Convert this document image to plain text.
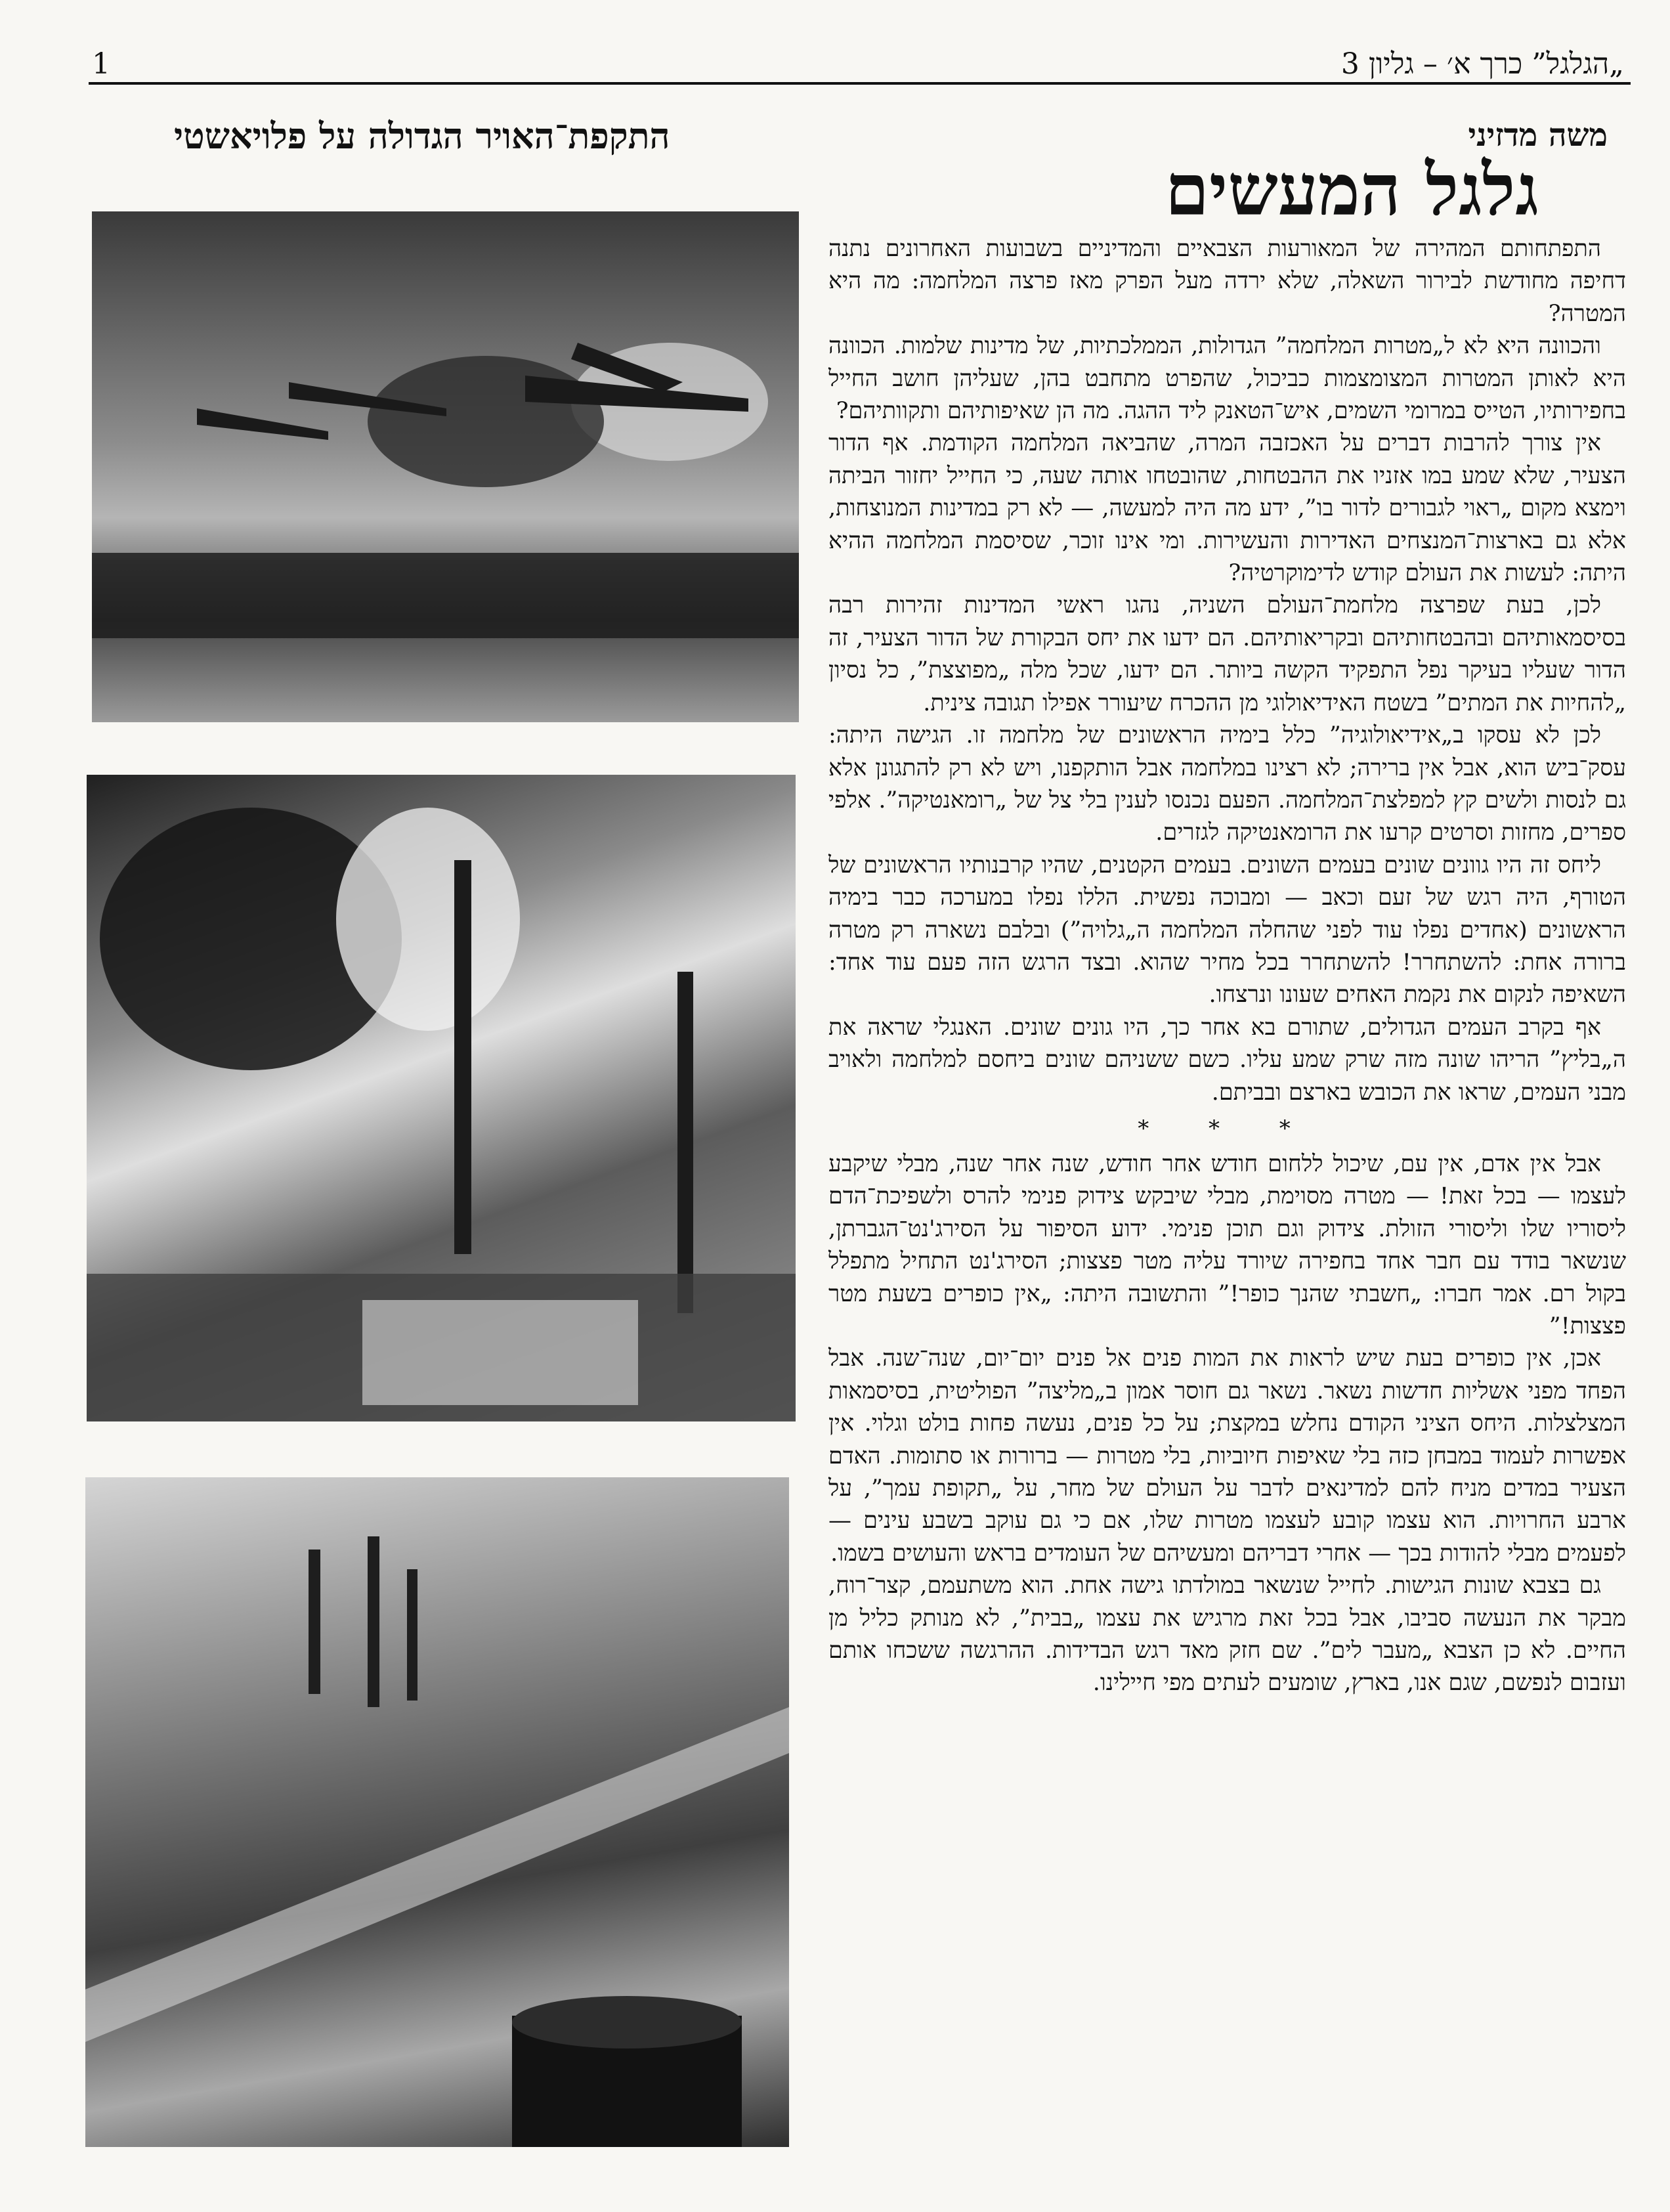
„הגלגל” כרך א׳ – גליון 3
1
משה מדזיני
גלגל המעשים
התקפת־האויר הגדולה על פלויאשטי

התפתחותם המהירה של המאורעות הצבאיים והמדיניים בשבועות האחרונים נתנה דחיפה מחודשת לבירור השאלה, שלא ירדה מעל הפרק מאז פרצה המלחמה: מה היא המטרה?

והכוונה היא לא ל„מטרות המלחמה” הגדולות, הממלכתיות, של מדינות שלמות. הכוונה היא לאותן המטרות המצומצמות כביכול, שהפרט מתחבט בהן, שעליהן חושב החייל בחפירותיו, הטייס במרומי השמים, איש־הטאנק ליד ההגה. מה הן שאיפותיהם ותקוותיהם?

אין צורך להרבות דברים על האכזבה המרה, שהביאה המלחמה הקודמת. אף הדור הצעיר, שלא שמע במו אזניו את ההבטחות, שהובטחו אותה שעה, כי החייל יחזור הביתה וימצא מקום „ראוי לגבורים לדור בו”, ידע מה היה למעשה, — לא רק במדינות המנוצחות, אלא גם בארצות־המנצחים האדירות והעשירות. ומי אינו זוכר, שסיסמת המלחמה ההיא היתה: לעשות את העולם קודש לדימוקרטיה?

לכן, בעת שפרצה מלחמת־העולם השניה, נהגו ראשי המדינות זהירות רבה בסיסמאותיהם ובהבטחותיהם ובקריאותיהם. הם ידעו את יחס הבקורת של הדור הצעיר, זה הדור שעליו בעיקר נפל התפקיד הקשה ביותר. הם ידעו, שכל מלה „מפוצצת”, כל נסיון „להחיות את המתים” בשטח האידיאולוגי מן ההכרח שיעורר אפילו תגובה צינית.

לכן לא עסקו ב„אידיאולוגיה” כלל בימיה הראשונים של מלחמה זו. הגישה היתה: עסק־ביש הוא, אבל אין ברירה; לא רצינו במלחמה אבל הותקפנו, ויש לא רק להתגונן אלא גם לנסות ולשים קץ למפלצת־המלחמה. הפעם נכנסו לענין בלי צל של „רומאנטיקה”. אלפי ספרים, מחזות וסרטים קרעו את הרומאנטיקה לגזרים.

ליחס זה היו גוונים שונים בעמים השונים. בעמים הקטנים, שהיו קרבנותיו הראשונים של הטורף, היה רגש של זעם וכאב — ומבוכה נפשית. הללו נפלו במערכה כבר בימיה הראשונים (אחדים נפלו עוד לפני שהחלה המלחמה ה„גלויה”) ובלבם נשארה רק מטרה ברורה אחת: להשתחרר! להשתחרר בכל מחיר שהוא. ובצד הרגש הזה פעם עוד אחד: השאיפה לנקום את נקמת האחים שעונו ונרצחו.

אף בקרב העמים הגדולים, שתורם בא אחר כך, היו גונים שונים. האנגלי שראה את ה„בליץ” הריהו שונה מזה שרק שמע עליו. כשם ששניהם שונים ביחסם למלחמה ולאויב מבני העמים, שראו את הכובש בארצם ובביתם.

* * *

אבל אין אדם, אין עם, שיכול ללחום חודש אחר חודש, שנה אחר שנה, מבלי שיקבע לעצמו — בכל זאת! — מטרה מסוימת, מבלי שיבקש צידוק פנימי להרס ולשפיכת־הדם ליסוריו שלו וליסורי הזולת. צידוק וגם תוכן פנימי. ידוע הסיפור על הסירג'נט־הגברתן, שנשאר בודד עם חבר אחד בחפירה שיורד עליה מטר פצצות; הסירג'נט התחיל מתפלל בקול רם. אמר חברו: „חשבתי שהנך כופר!” והתשובה היתה: „אין כופרים בשעת מטר פצצות!”

אכן, אין כופרים בעת שיש לראות את המות פנים אל פנים יום־יום, שנה־שנה. אבל הפחד מפני אשליות חדשות נשאר. נשאר גם חוסר אמון ב„מליצה” הפוליטית, בסיסמאות המצלצלות. היחס הציני הקודם נחלש במקצת; על כל פנים, נעשה פחות בולט וגלוי. אין אפשרות לעמוד במבחן כזה בלי שאיפות חיוביות, בלי מטרות — ברורות או סתומות. האדם הצעיר במדים מניח להם למדינאים לדבר על העולם של מחר, על „תקופת עמך”, על ארבע החרויות. הוא עצמו קובע לעצמו מטרות שלו, אם כי גם עוקב בשבע עינים — לפעמים מבלי להודות בכך — אחרי דבריהם ומעשיהם של העומדים בראש והעושים בשמו.

גם בצבא שונות הגישות. לחייל שנשאר במולדתו גישה אחת. הוא משתעמם, קצר־רוח, מבקר את הנעשה סביבו, אבל בכל זאת מרגיש את עצמו „בבית”, לא מנותק כליל מן החיים. לא כן הצבא „מעבר לים”. שם חזק מאד רגש הבדידות. ההרגשה ששכחו אותם ועזבום לנפשם, שגם אנו, בארץ, שומעים לעתים מפי חיילינו.
